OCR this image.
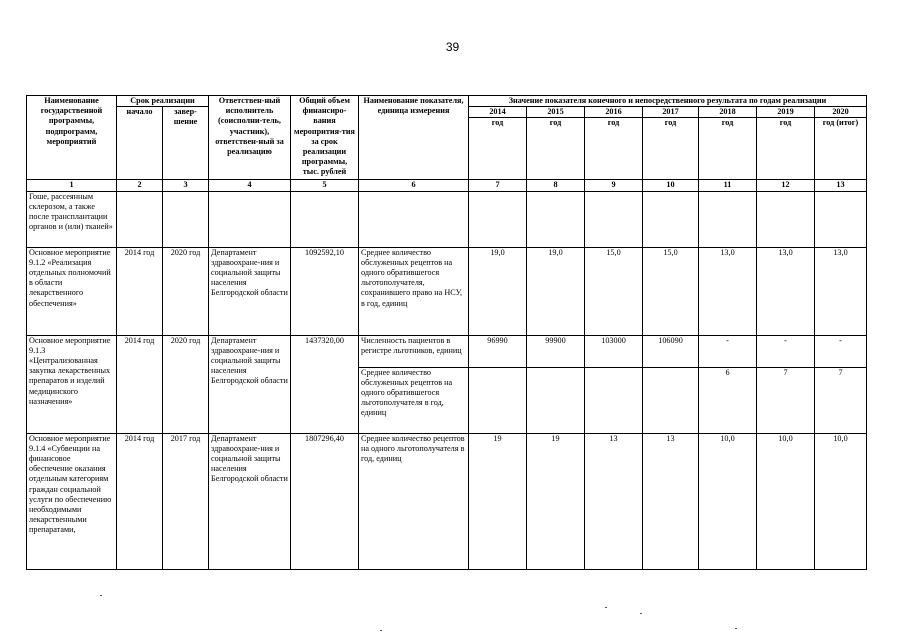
39
Наименование государственной программы, подпрограмм, мероприятий	Срок реализации		Ответствен-ный исполнитель (соисполни-тель, участник), ответствен-ный за реализацию	Общий объем финансиро-вания меропрития-тия за срок реализации программы, тыс. рублей	Наименование показателя, единица измерения	Значение показателя конечного и непосредственного результата по годам реализации						
	начало	завер-шение				2014	2015	2016	2017	2018	2019	2020
						год	год	год	год	год	год	год (итог)
1	2	3	4	5	6	7	8	9	10	11	12	13
Гоше, рассеянным склерозом, а также после трансплантации органов и (или) тканей»												
Основное мероприятие 9.1.2 «Реализация отдельных полномочий в области лекарственного обеспечения»	2014 год	2020 год	Департамент здравоохране-ния и социальной защиты населения Белгородской области	1092592,10	Среднее количество обслуженных рецептов на одного обратившегося льготополучателя, сохранившего право на НСУ, в год, единиц	19,0	19,0	15,0	15,0	13,0	13,0	13,0
Основное мероприятие 9.1.3 «Централизованная закупка лекарственных препаратов и изделий медицинского назначения»	2014 год	2020 год	Департамент здравоохране-ния и социальной защиты населения Белгородской области	1437320,00	Численность пациентов в регистре льготников, единиц	96990	99900	103000	106090	-	-	-
					Среднее количество обслуженных рецептов на одного обратившегося льготополучателя в год, единиц					6	7	7
Основное мероприятие 9.1.4 «Субвенции на финансовое обеспечение оказания отдельным категориям граждан социальной услуги по обеспечению необходимыми лекарственными препаратами,	2014 год	2017 год	Департамент здравоохране-ния и социальной защиты населения Белгородской области	1807296,40	Среднее количество рецептов на одного льготополучателя в год, единиц	19	19	13	13	10,0	10,0	10,0
